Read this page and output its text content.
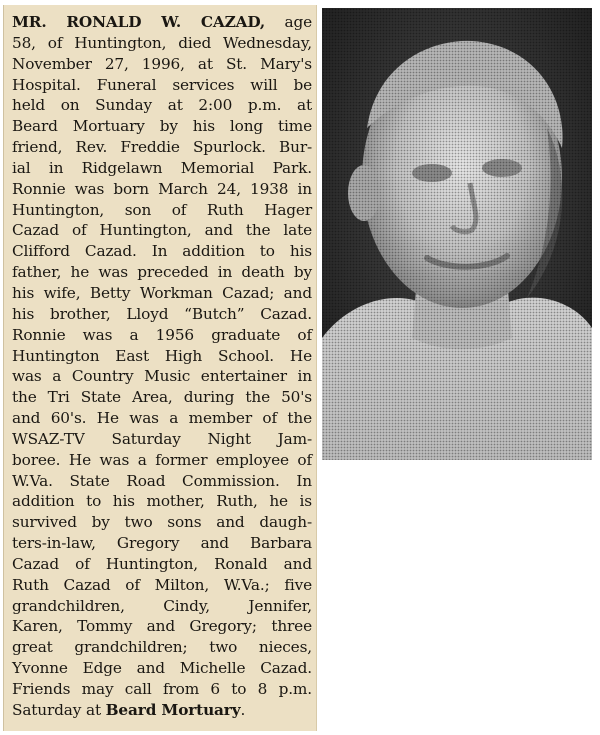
MR. RONALD W. CAZAD, age
58, of Huntington, died Wednesday,
November 27, 1996, at St. Mary's
Hospital. Funeral services will be
held on Sunday at 2:00 p.m. at
Beard Mortuary by his long time
friend, Rev. Freddie Spurlock. Bur-
ial in Ridgelawn Memorial Park.
Ronnie was born March 24, 1938 in
Huntington, son of Ruth Hager
Cazad of Huntington, and the late
Clifford Cazad. In addition to his
father, he was preceded in death by
his wife, Betty Workman Cazad; and
his brother, Lloyd “Butch” Cazad.
Ronnie was a 1956 graduate of
Huntington East High School. He
was a Country Music entertainer in
the Tri State Area, during the 50's
and 60's. He was a member of the
WSAZ-TV Saturday Night Jam-
boree. He was a former employee of
W.Va. State Road Commission. In
addition to his mother, Ruth, he is
survived by two sons and daugh-
ters-in-law, Gregory and Barbara
Cazad of Huntington, Ronald and
Ruth Cazad of Milton, W.Va.; five
grandchildren, Cindy, Jennifer,
Karen, Tommy and Gregory; three
great grandchildren; two nieces,
Yvonne Edge and Michelle Cazad.
Friends may call from 6 to 8 p.m.
Saturday at Beard Mortuary.
